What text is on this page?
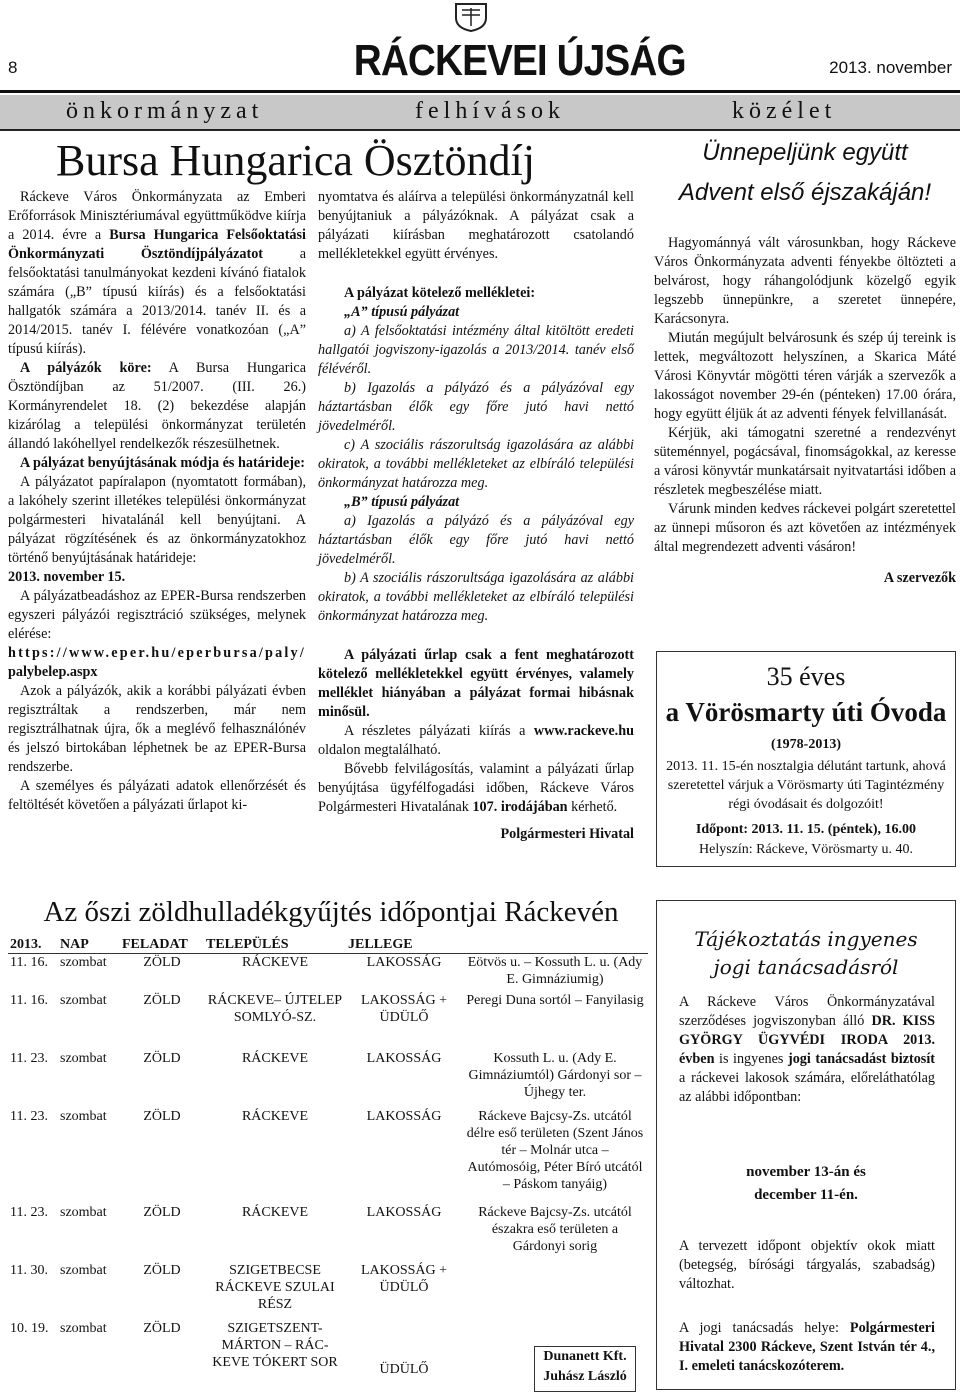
8	RÁCKEVEI ÚJSÁG	2013. november
önkormányzat	felhívások	közélet
Bursa Hungarica Ösztöndíj

Ráckeve Város Önkormányzata az Emberi Erőforrások Minisztériumával együttműködve kiírja a 2014. évre a Bursa Hungarica Felsőoktatási Önkormányzati Ösztöndíjpályázatot a felsőoktatási tanulmányokat kezdeni kívánó fiatalok számára („B” típusú kiírás) és a felsőoktatási hallgatók számára a 2013/2014. tanév II. és a 2014/2015. tanév I. félévére vonatkozóan („A” típusú kiírás).

A pályázók köre: A Bursa Hungarica Ösztöndíjban az 51/2007. (III. 26.) Kormányrendelet 18. (2) bekezdése alapján kizárólag a települési önkormányzat területén állandó lakóhellyel rendelkezők részesülhetnek.

A pályázat benyújtásának módja és határideje:

A pályázatot papíralapon (nyomtatott formában), a lakóhely szerint illetékes települési önkormányzat polgármesteri hivatalánál kell benyújtani. A pályázat rögzítésének és az önkormányzatokhoz történő benyújtásának határideje:

2013. november 15.

A pályázatbeadáshoz az EPER-Bursa rendszerben egyszeri pályázói regisztráció szükséges, melynek elérése:

https://www.eper.hu/eperbursa/paly/

palybelep.aspx

Azok a pályázók, akik a korábbi pályázati évben regisztráltak a rendszerben, már nem regisztrálhatnak újra, ők a meglévő felhasználónév és jelszó birtokában léphetnek be az EPER-Bursa rendszerbe.

A személyes és pályázati adatok ellenőrzését és feltöltését követően a pályázati űrlapot ki-

nyomtatva és aláírva a települési önkormányzatnál kell benyújtaniuk a pályázóknak. A pályázat csak a pályázati kiírásban meghatározott csatolandó mellékletekkel együtt érvényes.

A pályázat kötelező mellékletei:

„A” típusú pályázat

a) A felsőoktatási intézmény által kitöltött eredeti hallgatói jogviszony-igazolás a 2013/2014. tanév első félévéről.

b) Igazolás a pályázó és a pályázóval egy háztartásban élők egy főre jutó havi nettó jövedelméről.

c) A szociális rászorultság igazolására az alábbi okiratok, a további mellékleteket az elbíráló települési önkormányzat határozza meg.

„B” típusú pályázat

a) Igazolás a pályázó és a pályázóval egy háztartásban élők egy főre jutó havi nettó jövedelméről.

b) A szociális rászorultsága igazolására az alábbi okiratok, a további mellékleteket az elbíráló települési önkormányzat határozza meg.

A pályázati űrlap csak a fent meghatározott kötelező mellékletekkel együtt érvényes, valamely melléklet hiányában a pályázat formai hibásnak minősül.

A részletes pályázati kiírás a www.rackeve.hu oldalon megtalálható.

Bővebb felvilágosítás, valamint a pályázati űrlap benyújtása ügyfélfogadási időben, Ráckeve Város Polgármesteri Hivatalának 107. irodájában kérhető.

Polgármesteri Hivatal

Ünnepeljünk együtt
Advent első éjszakáján!

Hagyománnyá vált városunkban, hogy Ráckeve Város Önkormányzata adventi fényekbe öltözteti a belvárost, hogy ráhangolódjunk közelgő egyik legszebb ünnepünkre, a szeretet ünnepére, Karácsonyra.

Miután megújult belvárosunk és szép új tereink is lettek, megváltozott helyszínen, a Skarica Máté Városi Könyvtár mögötti téren várják a szervezők a lakosságot november 29-én (pénteken) 17.00 órára, hogy együtt éljük át az adventi fények felvillanását.

Kérjük, aki támogatni szeretné a rendezvényt süteménnyel, pogácsával, finomságokkal, az keresse a városi könyvtár munkatársait nyitvatartási időben a részletek megbeszélése miatt.

Várunk minden kedves ráckevei polgárt szeretettel az ünnepi műsoron és azt követően az intézmények által megrendezett adventi vásáron!

A szervezők

35 éves
a Vörösmarty úti Óvoda
(1978-2013)
2013. 11. 15-én nosztalgia délutánt tartunk, ahová szeretettel várjuk a Vörösmarty úti Tagintézmény régi óvodásait és dolgozóit!
Időpont: 2013. 11. 15. (péntek), 16.00
Helyszín: Ráckeve, Vörösmarty u. 40.
Az őszi zöldhulladékgyűjtés időpontjai Ráckevén
2013.	NAP	FELADAT	TELEPÜLÉS	JELLEGE	
11. 16.	szombat	ZÖLD	RÁCKEVE	LAKOSSÁG	Eötvös u. – Kossuth L. u. (Ady E. Gimnáziumig)
11. 16.	szombat	ZÖLD	RÁCKEVE– ÚJTELEP SOMLYÓ-SZ.	LAKOSSÁG + ÜDÜLŐ	Peregi Duna sortól – Fanyilasig
11. 23.	szombat	ZÖLD	RÁCKEVE	LAKOSSÁG	Kossuth L. u. (Ady E. Gimnáziumtól) Gárdonyi sor – Újhegy ter.
11. 23.	szombat	ZÖLD	RÁCKEVE	LAKOSSÁG	Ráckeve Bajcsy-Zs. utcától délre eső területen (Szent János tér – Molnár utca – Autómosóig, Péter Bíró utcától – Páskom tanyáig)
11. 23.	szombat	ZÖLD	RÁCKEVE	LAKOSSÁG	Ráckeve Bajcsy-Zs. utcától északra eső területen a Gárdonyi sorig
11. 30.	szombat	ZÖLD	SZIGETBECSE RÁCKEVE SZULAI RÉSZ	LAKOSSÁG + ÜDÜLŐ	
10. 19.	szombat	ZÖLD	SZIGETSZENT-MÁRTON – RÁC-KEVE TÓKERT SOR	ÜDÜLŐ	
Dunanett Kft.
Juhász László
Tájékoztatás ingyenes
jogi tanácsadásról
A Ráckeve Város Önkormányzatával szerződéses jogviszonyban álló DR. KISS GYÖRGY ÜGYVÉDI IRODA 2013. évben is ingyenes jogi tanácsadást biztosít a ráckevei lakosok számára, előreláthatólag az alábbi időpontban:
november 13-án és
december 11-én.
A tervezett időpont objektív okok miatt (betegség, bírósági tárgyalás, szabadság) változhat.
A jogi tanácsadás helye: Polgármesteri Hivatal 2300 Ráckeve, Szent István tér 4., I. emeleti tanácskozóterem.
